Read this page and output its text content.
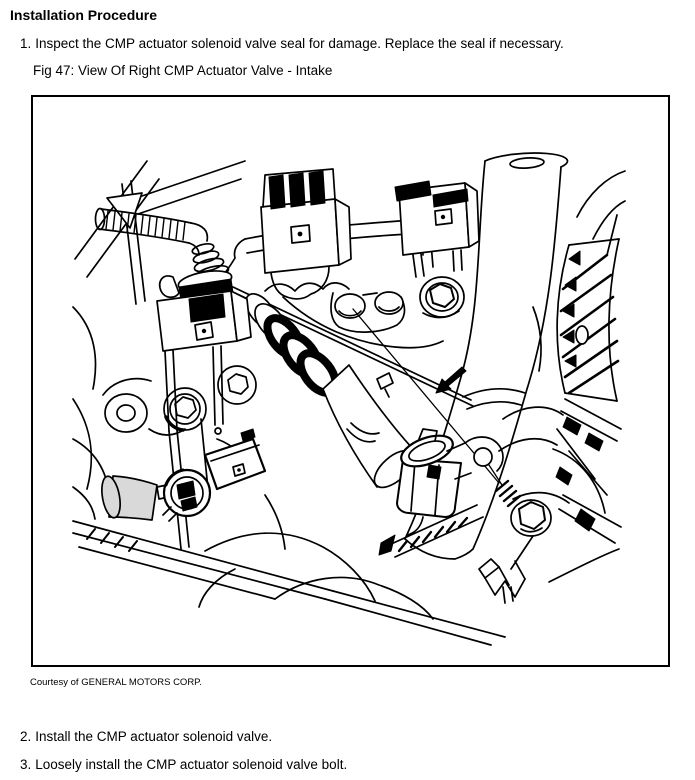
Installation Procedure
1. Inspect the CMP actuator solenoid valve seal for damage. Replace the seal if necessary.
Fig 47: View Of Right CMP Actuator Valve - Intake
Courtesy of GENERAL MOTORS CORP.
2. Install the CMP actuator solenoid valve.
3. Loosely install the CMP actuator solenoid valve bolt.
